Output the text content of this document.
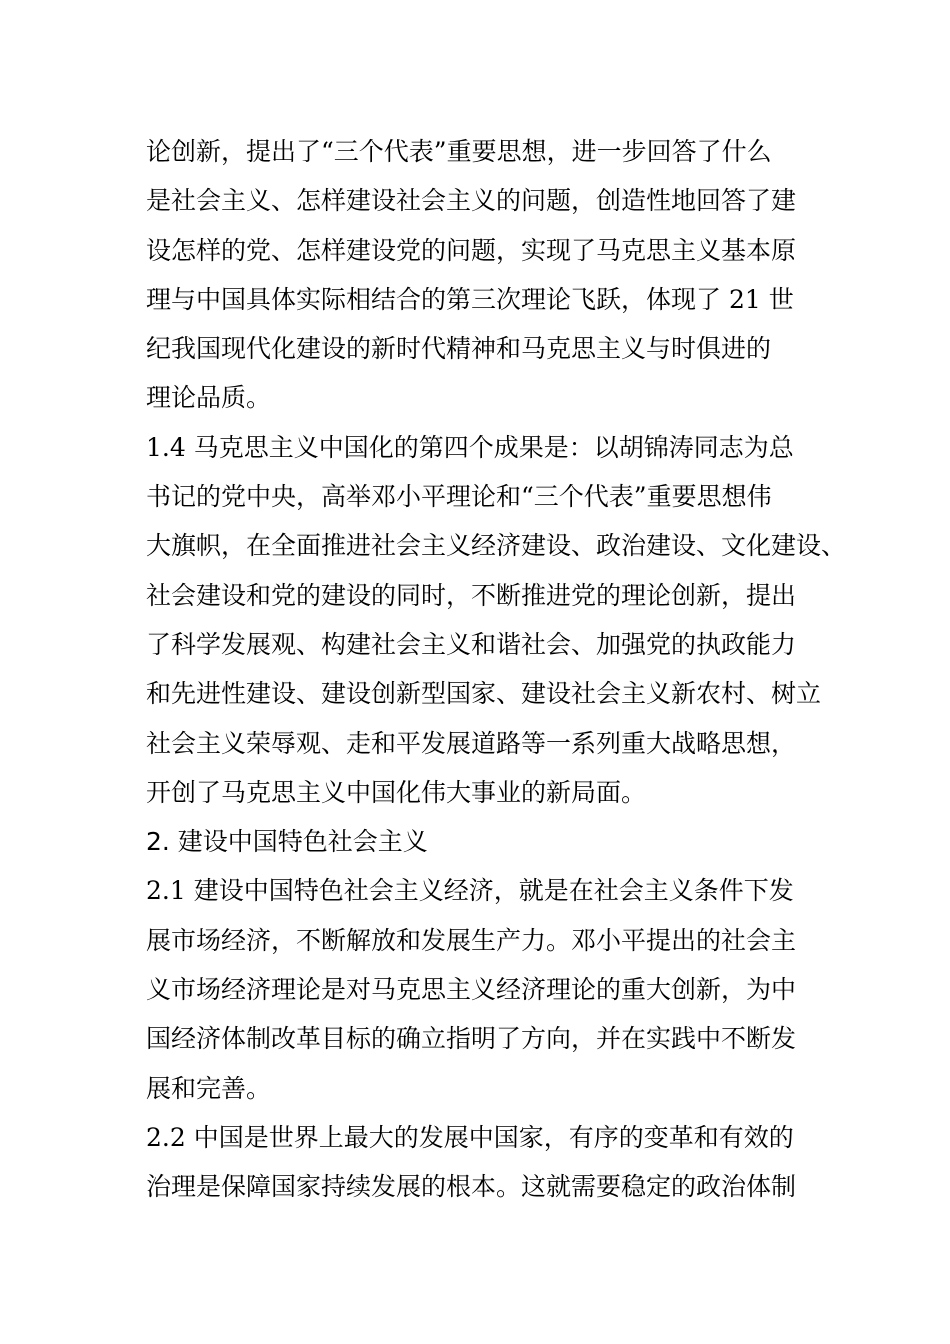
论创新，提出了“三个代表”重要思想，进一步回答了什么
是社会主义、怎样建设社会主义的问题，创造性地回答了建
设怎样的党、怎样建设党的问题，实现了马克思主义基本原
理与中国具体实际相结合的第三次理论飞跃，体现了 21 世
纪我国现代化建设的新时代精神和马克思主义与时俱进的
理论品质。
1.4 马克思主义中国化的第四个成果是：以胡锦涛同志为总
书记的党中央，高举邓小平理论和“三个代表”重要思想伟
大旗帜，在全面推进社会主义经济建设、政治建设、文化建设、
社会建设和党的建设的同时，不断推进党的理论创新，提出
了科学发展观、构建社会主义和谐社会、加强党的执政能力
和先进性建设、建设创新型国家、建设社会主义新农村、树立
社会主义荣辱观、走和平发展道路等一系列重大战略思想，
开创了马克思主义中国化伟大事业的新局面。
2. 建设中国特色社会主义
2.1 建设中国特色社会主义经济，就是在社会主义条件下发
展市场经济，不断解放和发展生产力。邓小平提出的社会主
义市场经济理论是对马克思主义经济理论的重大创新，为中
国经济体制改革目标的确立指明了方向，并在实践中不断发
展和完善。
2.2 中国是世界上最大的发展中国家，有序的变革和有效的
治理是保障国家持续发展的根本。这就需要稳定的政治体制
